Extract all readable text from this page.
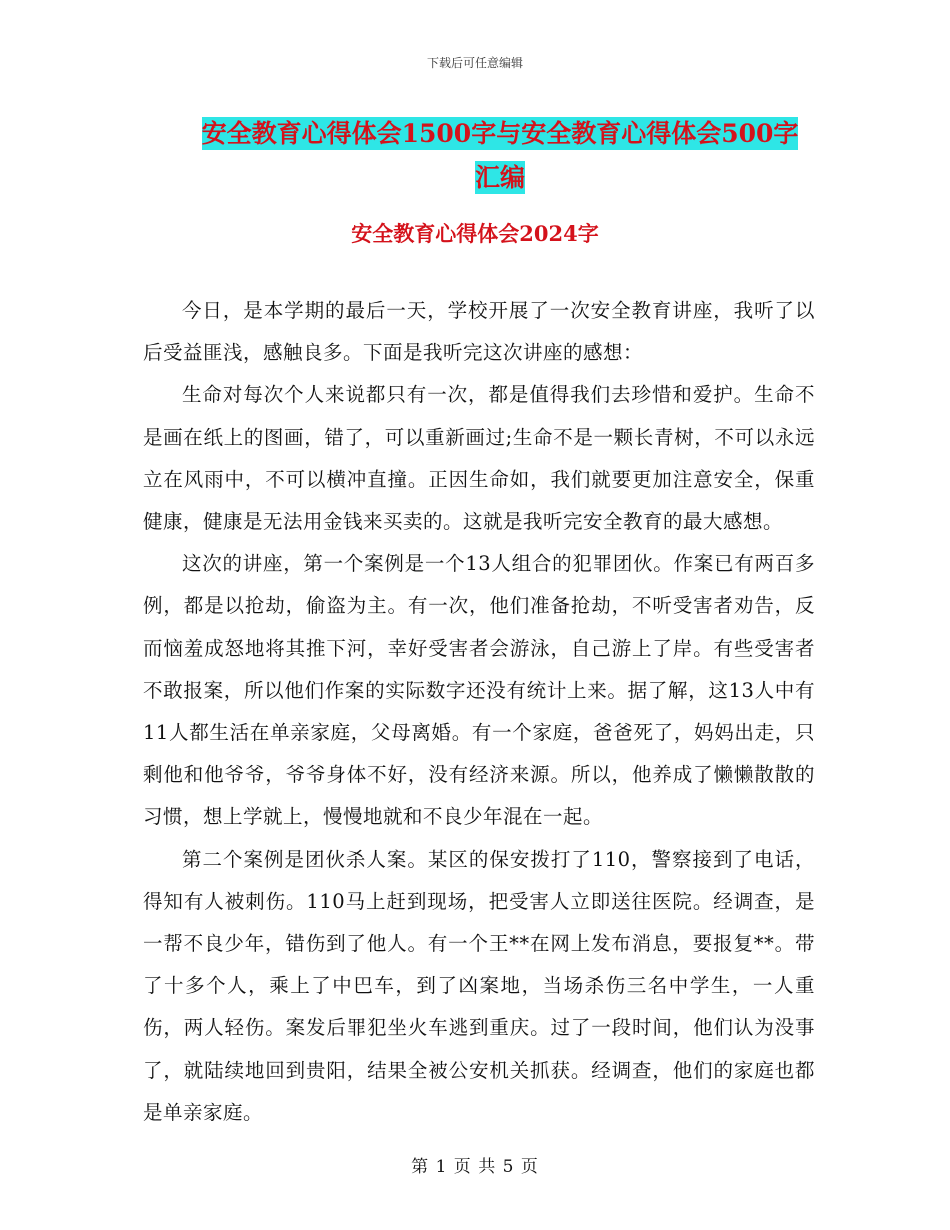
下载后可任意编辑
安全教育心得体会1500字与安全教育心得体会500字
汇编
安全教育心得体会2024字

今日，是本学期的最后一天，学校开展了一次安全教育讲座，我听了以后受益匪浅，感触良多。下面是我听完这次讲座的感想：

生命对每次个人来说都只有一次，都是值得我们去珍惜和爱护。生命不是画在纸上的图画，错了，可以重新画过;生命不是一颗长青树，不可以永远立在风雨中，不可以横冲直撞。正因生命如，我们就要更加注意安全，保重健康，健康是无法用金钱来买卖的。这就是我听完安全教育的最大感想。

这次的讲座，第一个案例是一个13人组合的犯罪团伙。作案已有两百多例，都是以抢劫，偷盗为主。有一次，他们准备抢劫，不听受害者劝告，反而恼羞成怒地将其推下河，幸好受害者会游泳，自己游上了岸。有些受害者不敢报案，所以他们作案的实际数字还没有统计上来。据了解，这13人中有11人都生活在单亲家庭，父母离婚。有一个家庭，爸爸死了，妈妈出走，只剩他和他爷爷，爷爷身体不好，没有经济来源。所以，他养成了懒懒散散的习惯，想上学就上，慢慢地就和不良少年混在一起。

第二个案例是团伙杀人案。某区的保安拨打了110，警察接到了电话，得知有人被刺伤。110马上赶到现场，把受害人立即送往医院。经调查，是一帮不良少年，错伤到了他人。有一个王**在网上发布消息，要报复**。带了十多个人，乘上了中巴车，到了凶案地，当场杀伤三名中学生，一人重伤，两人轻伤。案发后罪犯坐火车逃到重庆。过了一段时间，他们认为没事了，就陆续地回到贵阳，结果全被公安机关抓获。经调查，他们的家庭也都是单亲家庭。

第 1 页 共 5 页
